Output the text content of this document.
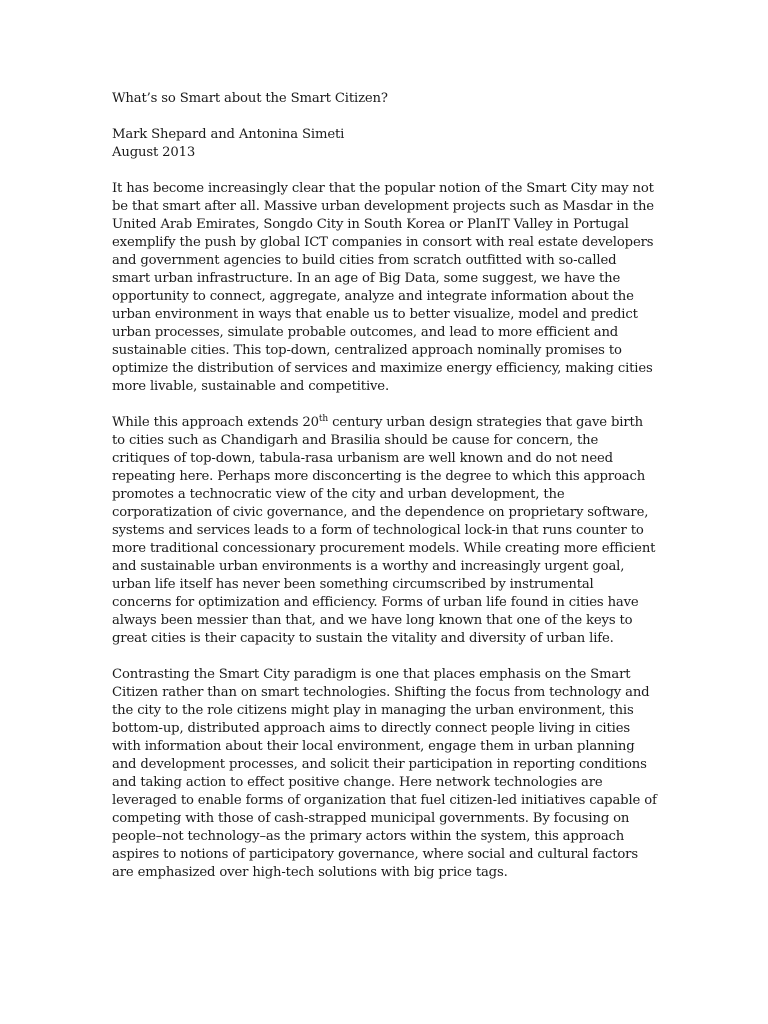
What’s so Smart about the Smart Citizen?
Mark Shepard and Antonina Simeti
August 2013

It has become increasingly clear that the popular notion of the Smart City may not be that smart after all. Massive urban development projects such as Masdar in the United Arab Emirates, Songdo City in South Korea or PlanIT Valley in Portugal exemplify the push by global ICT companies in consort with real estate developers and government agencies to build cities from scratch outfitted with so-called smart urban infrastructure. In an age of Big Data, some suggest, we have the opportunity to connect, aggregate, analyze and integrate information about the urban environment in ways that enable us to better visualize, model and predict urban processes, simulate probable outcomes, and lead to more efficient and sustainable cities. This top-down, centralized approach nominally promises to optimize the distribution of services and maximize energy efficiency, making cities more livable, sustainable and competitive.

While this approach extends 20th century urban design strategies that gave birth to cities such as Chandigarh and Brasilia should be cause for concern, the critiques of top-down, tabula-rasa urbanism are well known and do not need repeating here. Perhaps more disconcerting is the degree to which this approach promotes a technocratic view of the city and urban development, the corporatization of civic governance, and the dependence on proprietary software, systems and services leads to a form of technological lock-in that runs counter to more traditional concessionary procurement models. While creating more efficient and sustainable urban environments is a worthy and increasingly urgent goal, urban life itself has never been something circumscribed by instrumental concerns for optimization and efficiency. Forms of urban life found in cities have always been messier than that, and we have long known that one of the keys to great cities is their capacity to sustain the vitality and diversity of urban life.

Contrasting the Smart City paradigm is one that places emphasis on the Smart Citizen rather than on smart technologies. Shifting the focus from technology and the city to the role citizens might play in managing the urban environment, this bottom-up, distributed approach aims to directly connect people living in cities with information about their local environment, engage them in urban planning and development processes, and solicit their participation in reporting conditions and taking action to effect positive change. Here network technologies are leveraged to enable forms of organization that fuel citizen-led initiatives capable of competing with those of cash-strapped municipal governments. By focusing on people–not technology–as the primary actors within the system, this approach aspires to notions of participatory governance, where social and cultural factors are emphasized over high-tech solutions with big price tags.
